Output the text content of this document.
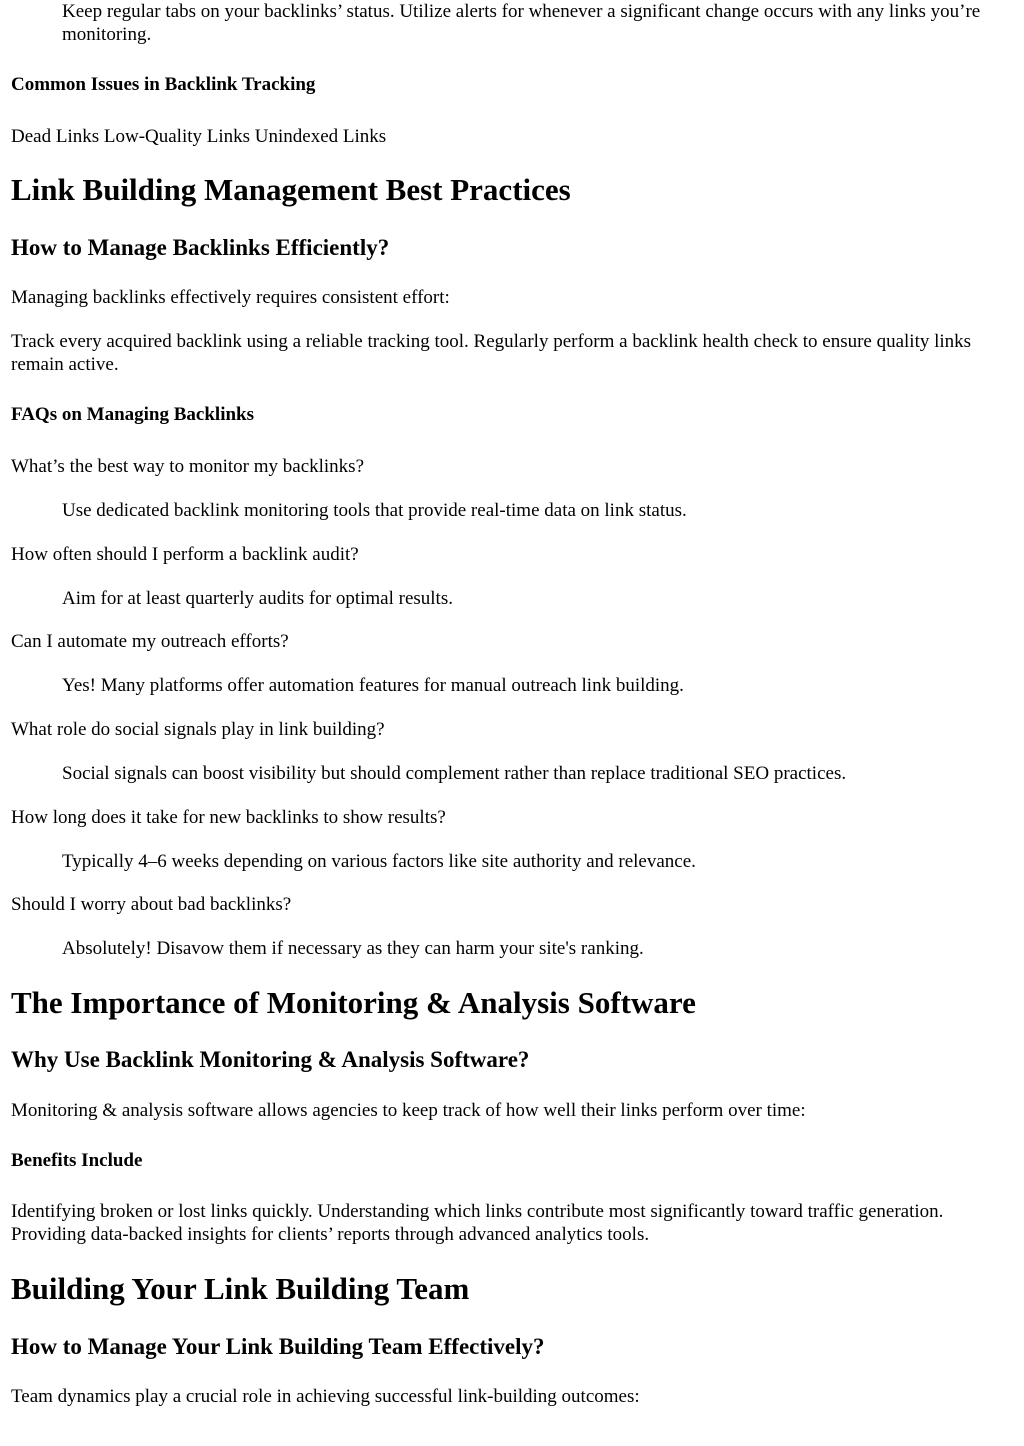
Keep regular tabs on your backlinks’ status. Utilize alerts for whenever a significant change occurs with any links you’re monitoring.

Common Issues in Backlink Tracking

Dead Links Low-Quality Links Unindexed Links

Link Building Management Best Practices
How to Manage Backlinks Efficiently?

Managing backlinks effectively requires consistent effort:

Track every acquired backlink using a reliable tracking tool. Regularly perform a backlink health check to ensure quality links remain active.

FAQs on Managing Backlinks

What’s the best way to monitor my backlinks?

Use dedicated backlink monitoring tools that provide real-time data on link status.

How often should I perform a backlink audit?

Aim for at least quarterly audits for optimal results.

Can I automate my outreach efforts?

Yes! Many platforms offer automation features for manual outreach link building.

What role do social signals play in link building?

Social signals can boost visibility but should complement rather than replace traditional SEO practices.

How long does it take for new backlinks to show results?

Typically 4–6 weeks depending on various factors like site authority and relevance.

Should I worry about bad backlinks?

Absolutely! Disavow them if necessary as they can harm your site's ranking.

The Importance of Monitoring & Analysis Software
Why Use Backlink Monitoring & Analysis Software?

Monitoring & analysis software allows agencies to keep track of how well their links perform over time:

Benefits Include

Identifying broken or lost links quickly. Understanding which links contribute most significantly toward traffic generation. Providing data-backed insights for clients’ reports through advanced analytics tools.

Building Your Link Building Team
How to Manage Your Link Building Team Effectively?

Team dynamics play a crucial role in achieving successful link-building outcomes:
